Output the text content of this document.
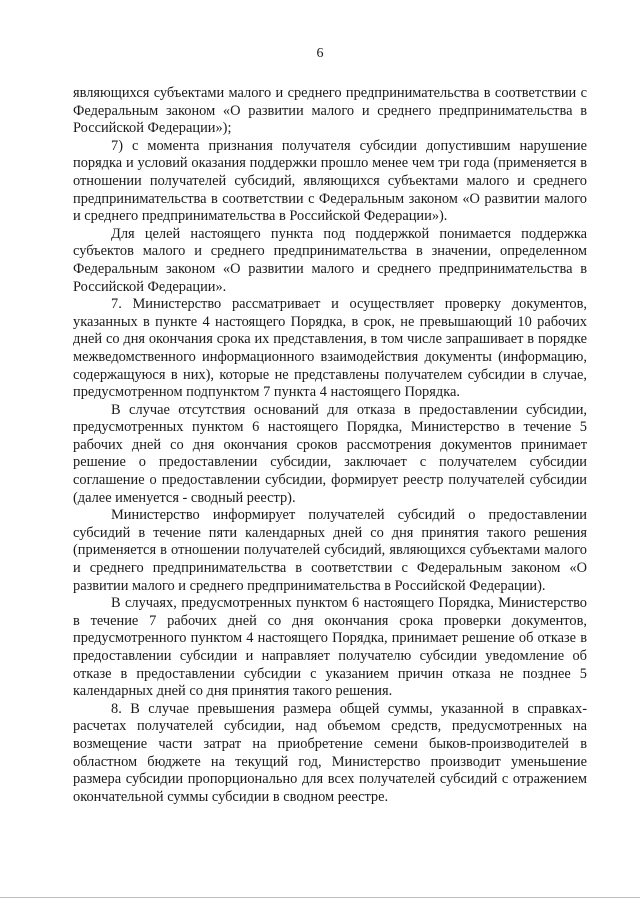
6

являющихся субъектами малого и среднего предпринимательства в соответствии с Федеральным законом «О развитии малого и среднего предпринимательства в Российской Федерации»);

7) с момента признания получателя субсидии допустившим нарушение порядка и условий оказания поддержки прошло менее чем три года (применяется в отношении получателей субсидий, являющихся субъектами малого и среднего предпринимательства в соответствии с Федеральным законом «О развитии малого и среднего предпринимательства в Российской Федерации»).

Для целей настоящего пункта под поддержкой понимается поддержка субъектов малого и среднего предпринимательства в значении, определенном Федеральным законом «О развитии малого и среднего предпринимательства в Российской Федерации».

7. Министерство рассматривает и осуществляет проверку документов, указанных в пункте 4 настоящего Порядка, в срок, не превышающий 10 рабочих дней со дня окончания срока их представления, в том числе запрашивает в порядке межведомственного информационного взаимодействия документы (информацию, содержащуюся в них), которые не представлены получателем субсидии в случае, предусмотренном подпунктом 7 пункта 4 настоящего Порядка.

В случае отсутствия оснований для отказа в предоставлении субсидии, предусмотренных пунктом 6 настоящего Порядка, Министерство в течение 5 рабочих дней со дня окончания сроков рассмотрения документов принимает решение о предоставлении субсидии, заключает с получателем субсидии соглашение о предоставлении субсидии, формирует реестр получателей субсидии (далее именуется - сводный реестр).

Министерство информирует получателей субсидий о предоставлении субсидий в течение пяти календарных дней со дня принятия такого решения (применяется в отношении получателей субсидий, являющихся субъектами малого и среднего предпринимательства в соответствии с Федеральным законом «О развитии малого и среднего предпринимательства в Российской Федерации).

В случаях, предусмотренных пунктом 6 настоящего Порядка, Министерство в течение 7 рабочих дней со дня окончания срока проверки документов, предусмотренного пунктом 4 настоящего Порядка, принимает решение об отказе в предоставлении субсидии и направляет получателю субсидии уведомление об отказе в предоставлении субсидии с указанием причин отказа не позднее 5 календарных дней со дня принятия такого решения.

8. В случае превышения размера общей суммы, указанной в справках-расчетах получателей субсидии, над объемом средств, предусмотренных на возмещение части затрат на приобретение семени быков-производителей в областном бюджете на текущий год, Министерство производит уменьшение размера субсидии пропорционально для всех получателей субсидий с отражением окончательной суммы субсидии в сводном реестре.
